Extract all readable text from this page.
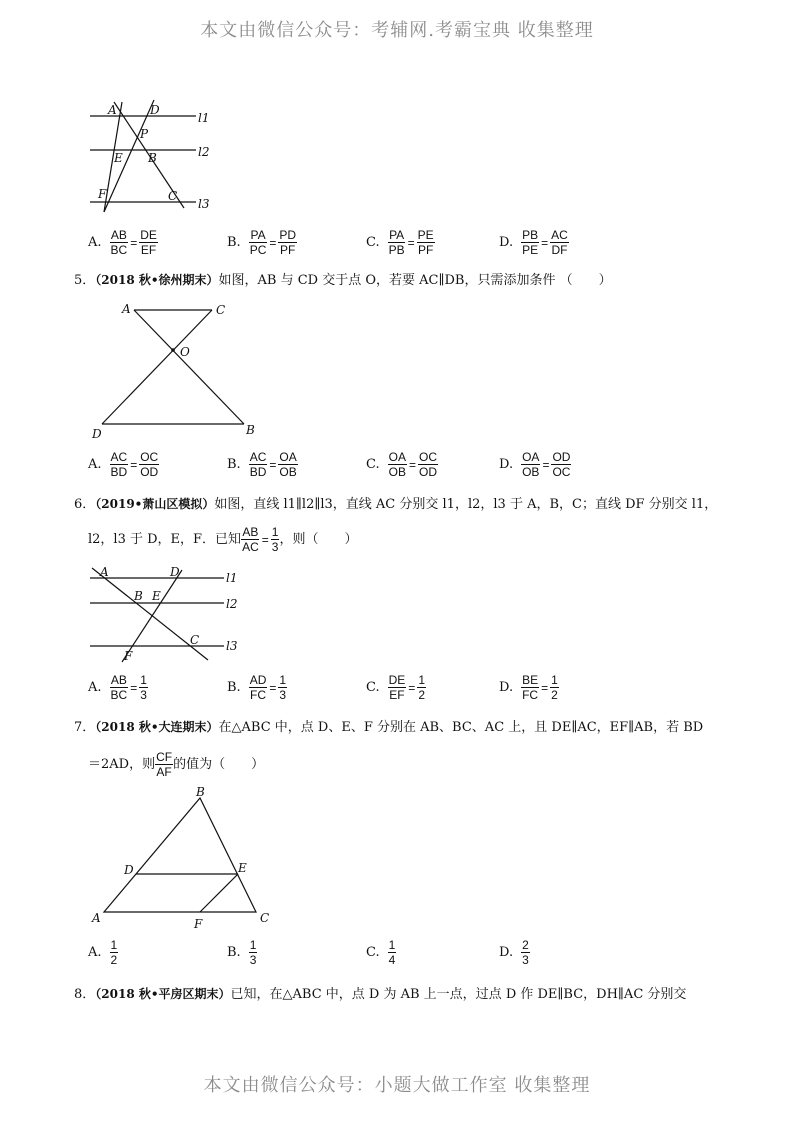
本文由微信公众号：考辅网.考霸宝典 收集整理
A	D
P
E B
F	C
l1
l2
l3
A. $\frac{AB}{BC} = \frac{DE}{EF}$	B. $\frac{PA}{PC} = \frac{PD}{PF}$	C. $\frac{PA}{PB} = \frac{PE}{PF}$	D. $\frac{PB}{PE} = \frac{AC}{DF}$
5．（2018 秋•徐州期末）如图，AB 与 CD 交于点 O，若要 AC∥DB，只需添加条件 （　　）
A	C
O
D	B
A. $\frac{AC}{BD} = \frac{OC}{OD}$	B. $\frac{AC}{BD} = \frac{OA}{OB}$	C. $\frac{OA}{OB} = \frac{OC}{OD}$	D. $\frac{OA}{OB} = \frac{OD}{OC}$
6．（2019•萧山区模拟）如图，直线 l1∥l2∥l3，直线 AC 分别交 l1，l2，l3 于 A，B，C；直线 DF 分别交 l1，
l2，l3 于 D，E，F．已知 $\frac{AB}{AC} = \frac{1}{3}$ ，则（　　）
A	D
B E
C
F
l1
l2
l3
A. $\frac{AB}{BC} = \frac{1}{3}$	B. $\frac{AD}{FC} = \frac{1}{3}$	C. $\frac{DE}{EF} = \frac{1}{2}$	D. $\frac{BE}{FC} = \frac{1}{2}$
7．（2018 秋•大连期末）在△ABC 中，点 D、E、F 分别在 AB、BC、AC 上，且 DE∥AC，EF∥AB，若 BD
＝2AD，则 $\frac{CF}{AF}$ 的值为（　　）
B
D	E
A	F	C
A. $\frac{1}{2}$	B. $\frac{1}{3}$	C. $\frac{1}{4}$	D. $\frac{2}{3}$
8．（2018 秋•平房区期末）已知，在△ABC 中，点 D 为 AB 上一点，过点 D 作 DE∥BC，DH∥AC 分别交
本文由微信公众号：小题大做工作室 收集整理
